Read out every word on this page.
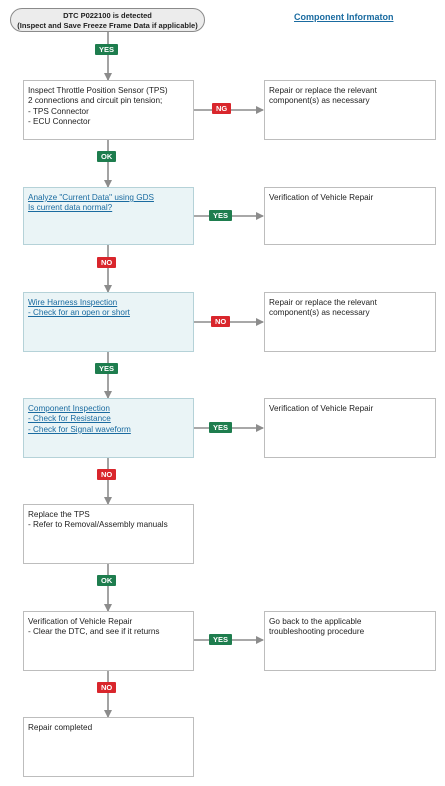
DTC P022100 is detected
(Inspect and Save Freeze Frame Data if applicable)
Component Informaton
Inspect Throttle Position Sensor (TPS)
2 connections and circuit pin tension;
- TPS Connector
- ECU Connector
Analyze "Current Data" using GDS
Is current data normal?
Wire Harness Inspection
- Check for an open or short
Component Inspection
- Check for Resistance
- Check for Signal waveform
Replace the TPS
- Refer to Removal/Assembly manuals
Verification of Vehicle Repair
- Clear the DTC, and see if it returns
Repair completed
Repair or replace the relevant
component(s) as necessary
Verification of Vehicle Repair
Repair or replace the relevant
component(s) as necessary
Verification of Vehicle Repair
Go back to the applicable
troubleshooting procedure
YES
OK
NO
YES
NO
OK
NO
NG
YES
NO
YES
YES
